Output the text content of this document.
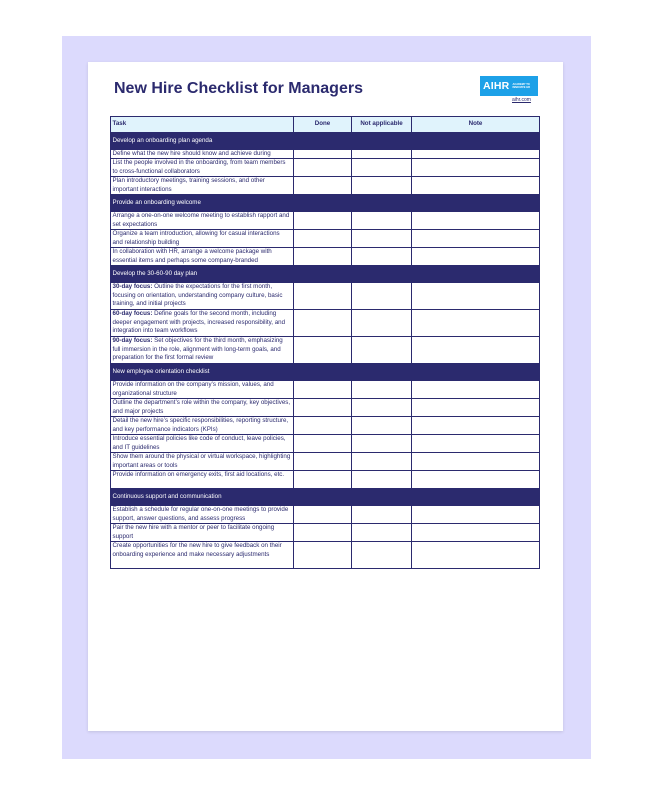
New Hire Checklist for Managers	AIHR ACADEMY TO INNOVATE HR
aihr.com
Task	Done	Not applicable	Note
Develop an onboarding plan agenda			
Define what the new hire should know and achieve during			
List the people involved in the onboarding, from team members to cross-functional collaborators			
Plan introductory meetings, training sessions, and other important interactions			
Provide an onboarding welcome			
Arrange a one-on-one welcome meeting to establish rapport and set expectations			
Organize a team introduction, allowing for casual interactions and relationship building			
In collaboration with HR, arrange a welcome package with essential items and perhaps some company-branded			
Develop the 30-60-90 day plan			
30-day focus: Outline the expectations for the first month, focusing on orientation, understanding company culture, basic training, and initial projects			
60-day focus: Define goals for the second month, including deeper engagement with projects, increased responsibility, and integration into team workflows			
90-day focus: Set objectives for the third month, emphasizing full immersion in the role, alignment with long-term goals, and preparation for the first formal review			
New employee orientation checklist			
Provide information on the company’s mission, values, and organizational structure			
Outline the department’s role within the company, key objectives, and major projects			
Detail the new hire’s specific responsibilities, reporting structure, and key performance indicators (KPIs)			
Introduce essential policies like code of conduct, leave policies, and IT guidelines			
Show them around the physical or virtual workspace, highlighting important areas or tools			
Provide information on emergency exits, first aid locations, etc.			
Continuous support and communication			
Establish a schedule for regular one-on-one meetings to provide support, answer questions, and assess progress			
Pair the new hire with a mentor or peer to facilitate ongoing support			
Create opportunities for the new hire to give feedback on their onboarding experience and make necessary adjustments			
